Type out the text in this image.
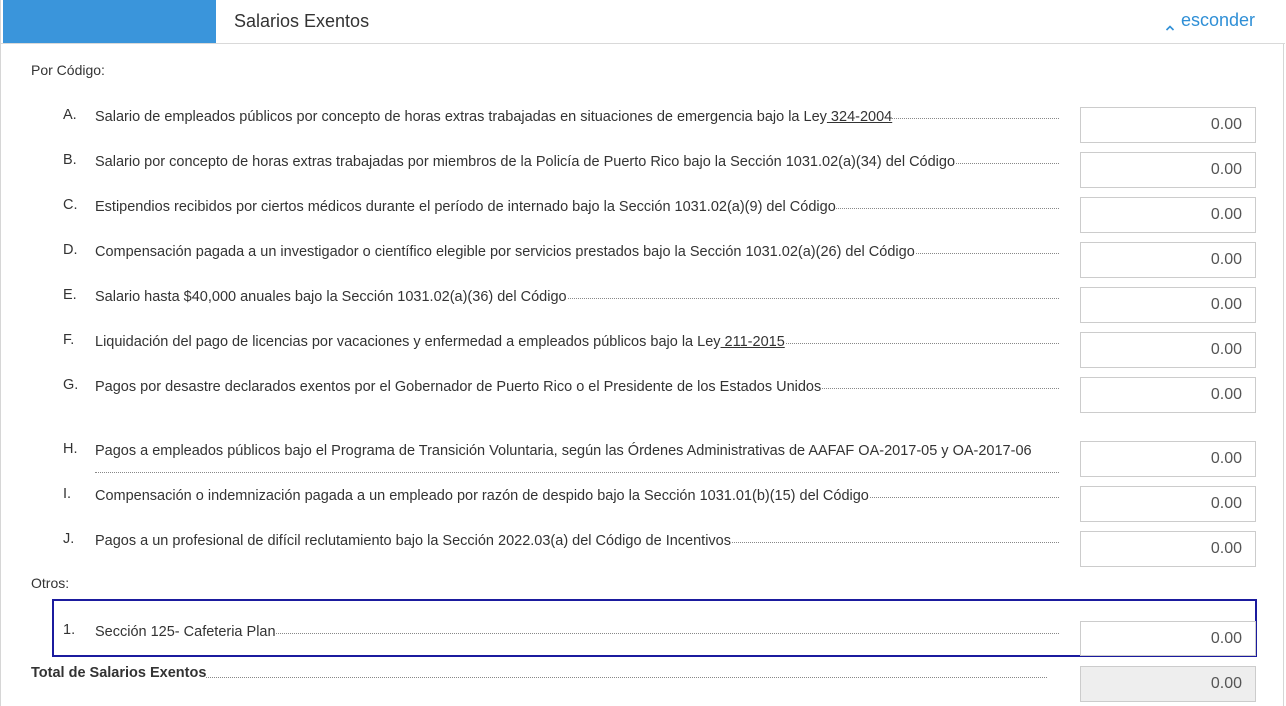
Salarios Exentos	esconder
Por Código:
A. Salario de empleados públicos por concepto de horas extras trabajadas en situaciones de emergencia bajo la Ley 324-2004
0.00
B. Salario por concepto de horas extras trabajadas por miembros de la Policía de Puerto Rico bajo la Sección 1031.02(a)(34) del Código
0.00
C. Estipendios recibidos por ciertos médicos durante el período de internado bajo la Sección 1031.02(a)(9) del Código
0.00
D. Compensación pagada a un investigador o científico elegible por servicios prestados bajo la Sección 1031.02(a)(26) del Código
0.00
E. Salario hasta $40,000 anuales bajo la Sección 1031.02(a)(36) del Código
0.00
F. Liquidación del pago de licencias por vacaciones y enfermedad a empleados públicos bajo la Ley 211-2015
0.00
G. Pagos por desastre declarados exentos por el Gobernador de Puerto Rico o el Presidente de los Estados Unidos
0.00
H. Pagos a empleados públicos bajo el Programa de Transición Voluntaria, según las Órdenes Administrativas de AAFAF OA-2017-05 y OA-2017-06
0.00
I. Compensación o indemnización pagada a un empleado por razón de despido bajo la Sección 1031.01(b)(15) del Código
0.00
J. Pagos a un profesional de difícil reclutamiento bajo la Sección 2022.03(a) del Código de Incentivos
0.00
Otros:
1. Sección 125- Cafeteria Plan
0.00
Total de Salarios Exentos
0.00
